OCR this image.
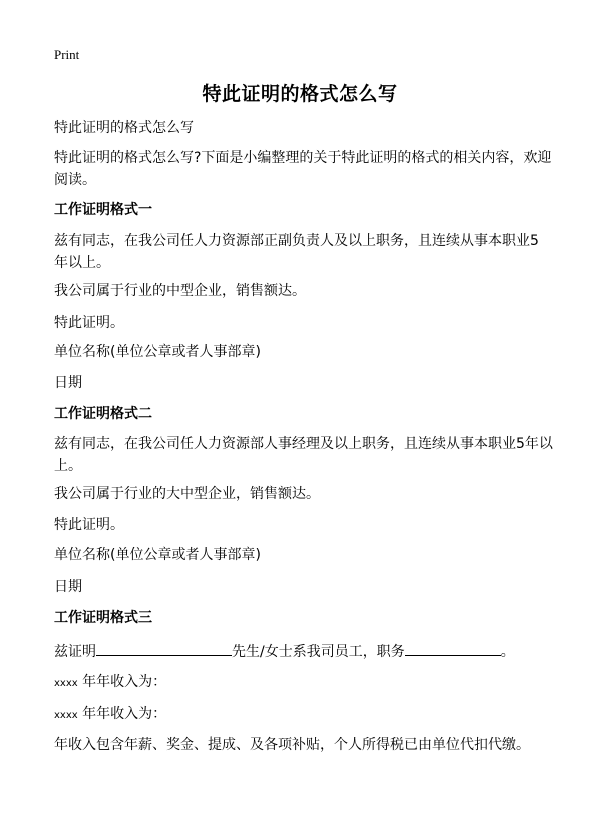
Print
特此证明的格式怎么写
特此证明的格式怎么写
特此证明的格式怎么写?下面是小编整理的关于特此证明的格式的相关内容，欢迎阅读。
工作证明格式一
兹有同志，在我公司任人力资源部正副负责人及以上职务，且连续从事本职业5年以上。
我公司属于行业的中型企业，销售额达。
特此证明。
单位名称(单位公章或者人事部章)
日期
工作证明格式二
兹有同志，在我公司任人力资源部人事经理及以上职务，且连续从事本职业5年以上。
我公司属于行业的大中型企业，销售额达。
特此证明。
单位名称(单位公章或者人事部章)
日期
工作证明格式三
兹证明	先生/女士系我司员工，职务	。
xxxx 年年收入为：
xxxx 年年收入为：
年收入包含年薪、奖金、提成、及各项补贴，个人所得税已由单位代扣代缴。
